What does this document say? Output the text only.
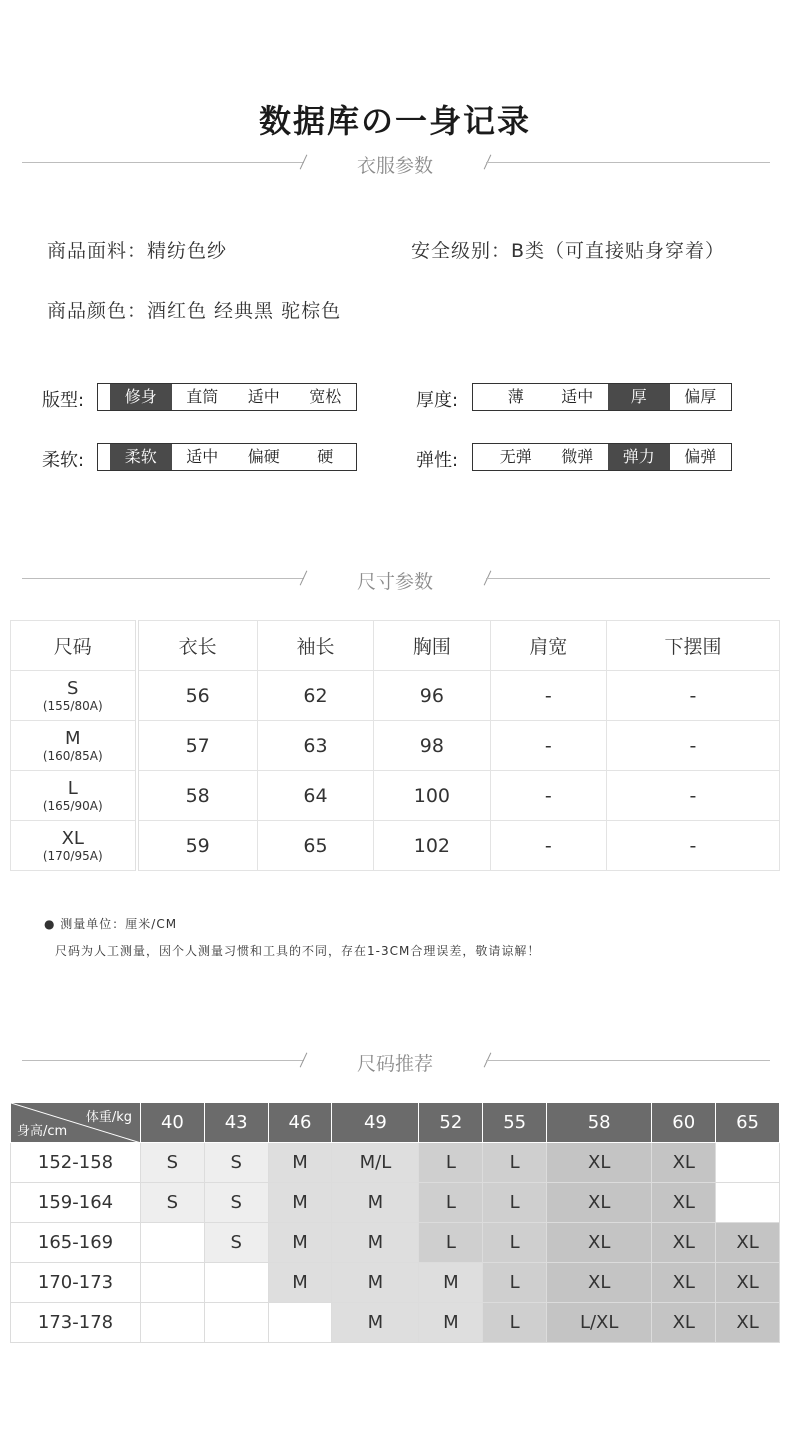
数据库の一身记录
衣服参数
商品面料：精纺色纱	安全级别：B类（可直接贴身穿着）
商品颜色：酒红色 经典黑 驼棕色
版型:	修身	直筒	适中	宽松	厚度:	薄	适中	厚	偏厚
柔软:	柔软	适中	偏硬	硬	弹性:	无弹	微弹	弹力	偏弹
尺寸参数
尺码	衣长	袖长	胸围	肩宽	下摆围

S
(155/80A)	56	62	96	-	-

M
(160/85A)	57	63	98	-	-

L
(165/90A)	58	64	100	-	-

XL
(170/95A)	59	65	102	-	-
● 测量单位：厘米/CM
尺码为人工测量，因个人测量习惯和工具的不同，存在1-3CM合理误差，敬请谅解！
尺码推荐
体重/kg
身高/cm	40	43	46	49	52	55	58	60	65
152-158	S	S	M	M/L	L	L	XL	XL	
159-164	S	S	M	M	L	L	XL	XL	
165-169		S	M	M	L	L	XL	XL	XL
170-173			M	M	M	L	XL	XL	XL
173-178				M	M	L	L/XL	XL	XL
